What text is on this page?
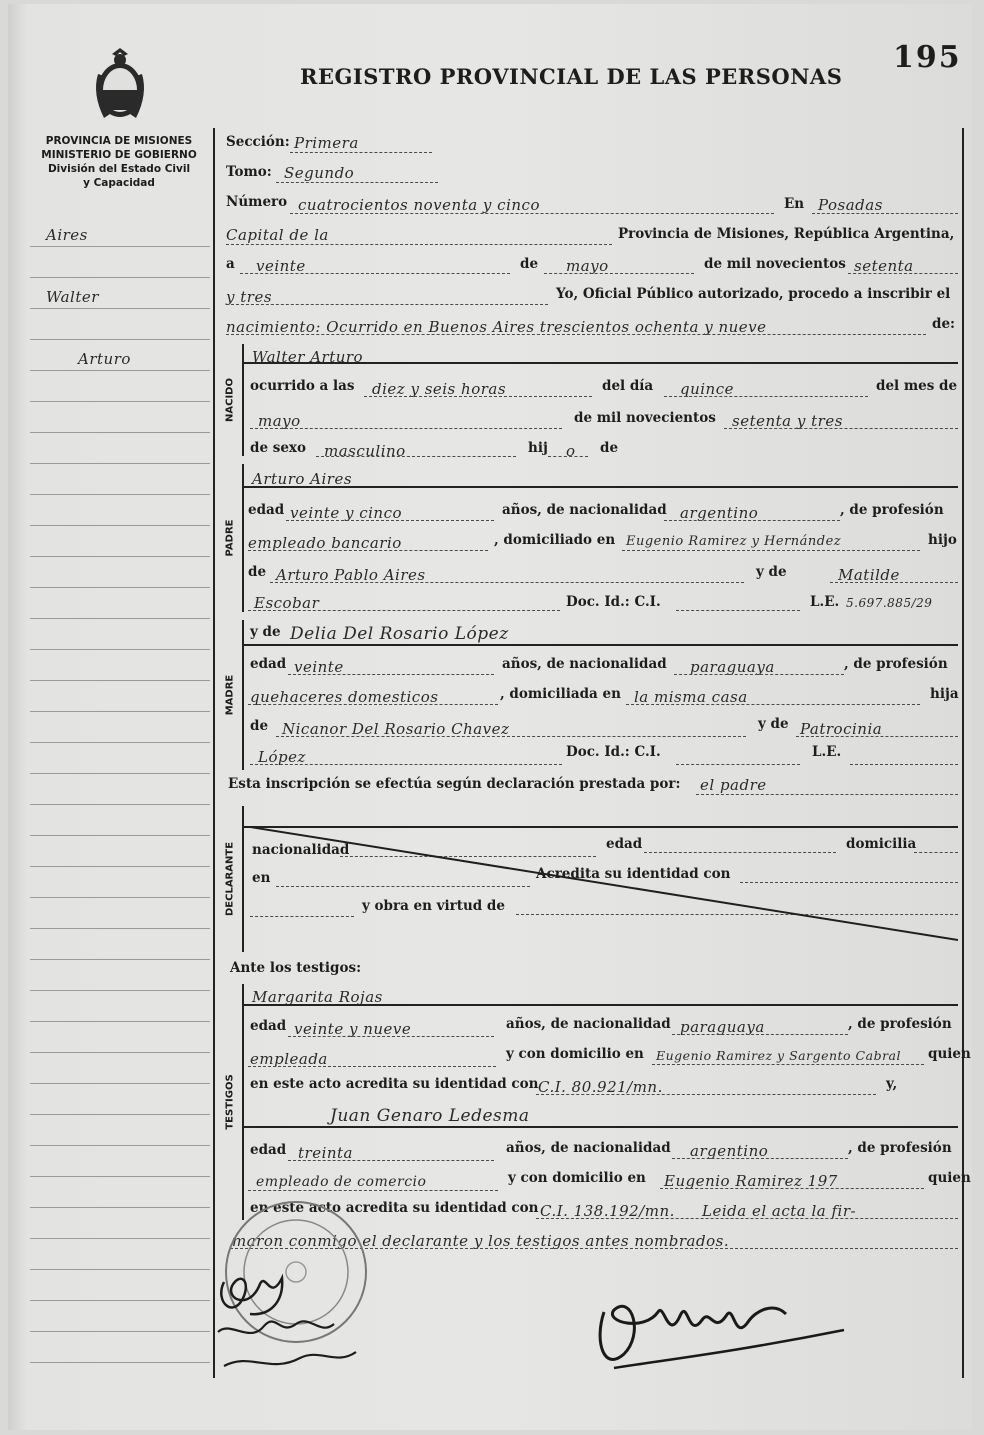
REGISTRO PROVINCIAL DE LAS PERSONAS
195
PROVINCIA DE MISIONES
MINISTERIO DE GOBIERNO
División del Estado Civil
y Capacidad
Aires
Walter
Arturo
Sección: Primera
Tomo: Segundo
Número cuatrocientos noventa y cinco	En Posadas
Capital de la	Provincia de Misiones, República Argentina,
a veinte	de mayo	de mil novecientos setenta
y tres	Yo, Oficial Público autorizado, procedo a inscribir el
nacimiento: Ocurrido en Buenos Aires trescientos ochenta y nueve	de:
NACIDO
Walter Arturo
ocurrido a las diez y seis horas	del día quince	del mes de
mayo	de mil novecientos setenta y tres
de sexo masculino	hij o de
PADRE
Arturo Aires
edad veinte y cinco	años, de nacionalidad argentino	, de profesión
empleado bancario	, domiciliado en Eugenio Ramirez y Hernández	hijo
de Arturo Pablo Aires	y de	Matilde
Escobar	Doc. Id.: C.I.	L.E. 5.697.885/29
MADRE
y de Delia Del Rosario López
edad veinte	años, de nacionalidad paraguaya	, de profesión
quehaceres domesticos	, domiciliada en la misma casa	hija
de Nicanor Del Rosario Chavez	y de Patrocinia
López	Doc. Id.: C.I.	L.E.
Esta inscripción se efectúa según declaración prestada por: el padre
DECLARANTE nacionalidad	edad	domicilia
en	Acredita su identidad con
y obra en virtud de
Ante los testigos:
TESTIGOS
Margarita Rojas
edad veinte y nueve	años, de nacionalidad paraguaya	, de profesión
empleada	y con domicilio en Eugenio Ramirez y Sargento Cabral quien
en este acto acredita su identidad con C.I. 80.921/mn.	y,
Juan Genaro Ledesma
edad treinta	años, de nacionalidad argentino	, de profesión
empleado de comercio	y con domicilio en Eugenio Ramirez 197	quien
en este acto acredita su identidad con C.I. 138.192/mn. Leida el acta la fir-
maron conmigo el declarante y los testigos antes nombrados.
